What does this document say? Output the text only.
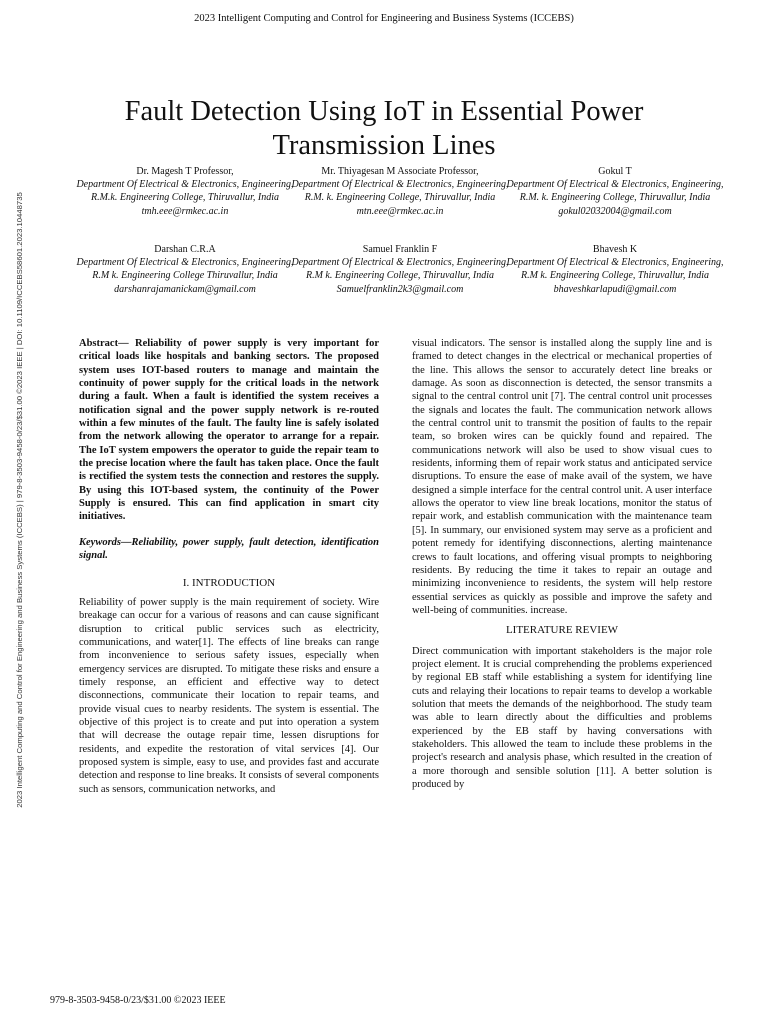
2023 Intelligent Computing and Control for Engineering and Business Systems (ICCEBS)
Fault Detection Using IoT in Essential Power Transmission Lines
Dr. Magesh T Professor,
Department Of Electrical & Electronics, Engineering, R.M.k. Engineering College, Thiruvallur, India
tmh.eee@rmkec.ac.in
Mr. Thiyagesan M Associate Professor,
Department Of Electrical & Electronics, Engineering, R.M. k. Engineering College, Thiruvallur, India
mtn.eee@rmkec.ac.in
Gokul T
Department Of Electrical & Electronics, Engineering, R.M. k. Engineering College, Thiruvallur, India
gokul02032004@gmail.com
Darshan C.R.A
Department Of Electrical & Electronics, Engineering, R.M k. Engineering College Thiruvallur, India
darshanrajamanickam@gmail.com
Samuel Franklin F
Department Of Electrical & Electronics, Engineering, R.M k. Engineering College, Thiruvallur, India
Samuelfranklin2k3@gmail.com
Bhavesh K
Department Of Electrical & Electronics, Engineering, R.M k. Engineering College, Thiruvallur, India
bhaveshkarlapudi@gmail.com
2023 Intelligent Computing and Control for Engineering and Business Systems (ICCEBS) | 979-8-3503-9458-0/23/$31.00 ©2023 IEEE | DOI: 10.1109/ICCEBS58601.2023.10448735	Abstract— Reliability of power supply is very important for critical loads like hospitals and banking sectors. The proposed system uses IOT-based routers to manage and maintain the continuity of power supply for the critical loads in the network during a fault. When a fault is identified the system receives a notification signal and the power supply network is re-routed within a few minutes of the fault. The faulty line is safely isolated from the network allowing the operator to arrange for a repair. The IoT system empowers the operator to guide the repair team to the precise location where the fault has taken place. Once the fault is rectified the system tests the connection and restores the supply. By using this IOT-based system, the continuity of the Power Supply is ensured. This can find application in smart city initiatives.

Keywords—Reliability, power supply, fault detection, identification signal.

I. INTRODUCTION

Reliability of power supply is the main requirement of society. Wire breakage can occur for a various of reasons and can cause significant disruption to critical public services such as electricity, communications, and water[1]. The effects of line breaks can range from inconvenience to serious safety issues, especially when emergency services are disrupted. To mitigate these risks and ensure a timely response, an efficient and effective way to detect disconnections, communicate their location to repair teams, and provide visual cues to nearby residents. The system is essential. The objective of this project is to create and put into operation a system that will decrease the outage repair time, lessen disruptions for residents, and expedite the restoration of vital services [4]. Our proposed system is simple, easy to use, and provides fast and accurate detection and response to line breaks. It consists of several components such as sensors, communication networks, and

visual indicators. The sensor is installed along the supply line and is framed to detect changes in the electrical or mechanical properties of the line. This allows the sensor to accurately detect line breaks or damage. As soon as disconnection is detected, the sensor transmits a signal to the central control unit [7]. The central control unit processes the signals and locates the fault. The communication network allows the central control unit to transmit the position of faults to the repair team, so broken wires can be quickly found and repaired. The communications network will also be used to show visual cues to residents, informing them of repair work status and anticipated service disruptions. To ensure the ease of make avail of the system, we have designed a simple interface for the central control unit. A user interface allows the operator to view line break locations, monitor the status of repair work, and establish communication with the maintenance team [5]. In summary, our envisioned system may serve as a proficient and potent remedy for identifying disconnections, alerting maintenance crews to fault locations, and offering visual prompts to neighboring residents. By reducing the time it takes to repair an outage and minimizing inconvenience to residents, the system will help restore essential services as quickly as possible and improve the safety and well-being of communities. increase.

LITERATURE REVIEW

Direct communication with important stakeholders is the major role project element. It is crucial comprehending the problems experienced by regional EB staff while establishing a system for identifying line cuts and relaying their locations to repair teams to develop a workable solution that meets the demands of the neighborhood. The study team was able to learn directly about the difficulties and problems experienced by the EB staff by having conversations with stakeholders. This allowed the team to include these problems in the project's research and analysis phase, which resulted in the creation of a more thorough and sensible solution [11]. A better solution is produced by

979-8-3503-9458-0/23/$31.00 ©2023 IEEE
